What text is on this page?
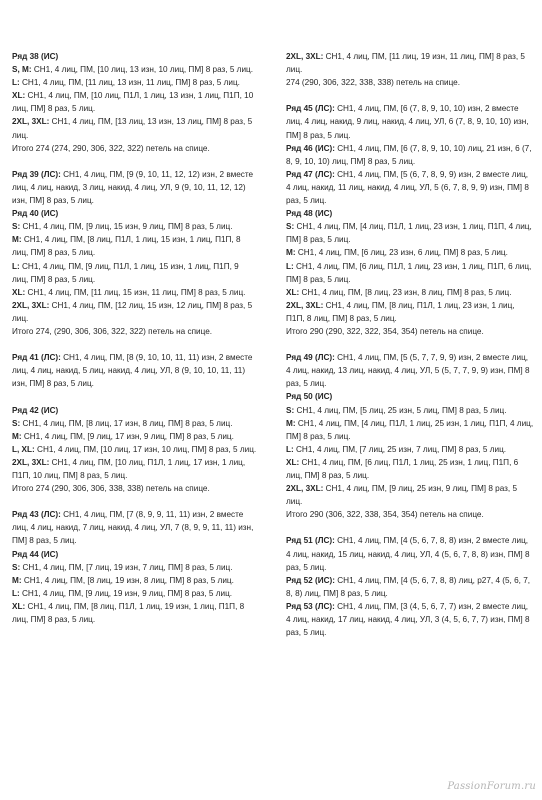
Ряд 38 (ИС)

S, M: СН1, 4 лиц, ПМ, [10 лиц, 13 изн, 10 лиц, ПМ] 8 раз, 5 лиц.

L: СН1, 4 лиц, ПМ, [11 лиц, 13 изн, 11 лиц, ПМ] 8 раз, 5 лиц.

XL: СН1, 4 лиц, ПМ, [10 лиц, П1Л, 1 лиц, 13 изн, 1 лиц, П1П, 10 лиц, ПМ] 8 раз, 5 лиц.

2XL, 3XL: СН1, 4 лиц, ПМ, [13 лиц, 13 изн, 13 лиц, ПМ] 8 раз, 5 лиц.

Итого 274 (274, 290, 306, 322, 322) петель на спице.

Ряд 39 (ЛС): СН1, 4 лиц, ПМ, [9 (9, 10, 11, 12, 12) изн, 2 вместе лиц, 4 лиц, накид, 3 лиц, накид, 4 лиц, УЛ, 9 (9, 10, 11, 12, 12) изн, ПМ] 8 раз, 5 лиц.

Ряд 40 (ИС)

S: СН1, 4 лиц, ПМ, [9 лиц, 15 изн, 9 лиц, ПМ] 8 раз, 5 лиц.

M: СН1, 4 лиц, ПМ, [8 лиц, П1Л, 1 лиц, 15 изн, 1 лиц, П1П, 8 лиц, ПМ] 8 раз, 5 лиц.

L: СН1, 4 лиц, ПМ, [9 лиц, П1Л, 1 лиц, 15 изн, 1 лиц, П1П, 9 лиц, ПМ] 8 раз, 5 лиц.

XL: СН1, 4 лиц, ПМ, [11 лиц, 15 изн, 11 лиц, ПМ] 8 раз, 5 лиц.

2XL, 3XL: СН1, 4 лиц, ПМ, [12 лиц, 15 изн, 12 лиц, ПМ] 8 раз, 5 лиц.

Итого 274, (290, 306, 306, 322, 322) петель на спице.

Ряд 41 (ЛС): СН1, 4 лиц, ПМ, [8 (9, 10, 10, 11, 11) изн, 2 вместе лиц, 4 лиц, накид, 5 лиц, накид, 4 лиц, УЛ, 8 (9, 10, 10, 11, 11) изн, ПМ] 8 раз, 5 лиц.

Ряд 42 (ИС)

S: СН1, 4 лиц, ПМ, [8 лиц, 17 изн, 8 лиц, ПМ] 8 раз, 5 лиц.

M: СН1, 4 лиц, ПМ, [9 лиц, 17 изн, 9 лиц, ПМ] 8 раз, 5 лиц.

L, XL: СН1, 4 лиц, ПМ, [10 лиц, 17 изн, 10 лиц, ПМ] 8 раз, 5 лиц.

2XL, 3XL: СН1, 4 лиц, ПМ, [10 лиц, П1Л, 1 лиц, 17 изн, 1 лиц, П1П, 10 лиц, ПМ] 8 раз, 5 лиц.

Итого 274 (290, 306, 306, 338, 338) петель на спице.

Ряд 43 (ЛС): СН1, 4 лиц, ПМ, [7 (8, 9, 9, 11, 11) изн, 2 вместе лиц, 4 лиц, накид, 7 лиц, накид, 4 лиц, УЛ, 7 (8, 9, 9, 11, 11) изн, ПМ] 8 раз, 5 лиц.

Ряд 44 (ИС)

S: СН1, 4 лиц, ПМ, [7 лиц, 19 изн, 7 лиц, ПМ] 8 раз, 5 лиц.

M: СН1, 4 лиц, ПМ, [8 лиц, 19 изн, 8 лиц, ПМ] 8 раз, 5 лиц.

L: СН1, 4 лиц, ПМ, [9 лиц, 19 изн, 9 лиц, ПМ] 8 раз, 5 лиц.

XL: СН1, 4 лиц, ПМ, [8 лиц, П1Л, 1 лиц, 19 изн, 1 лиц, П1П, 8 лиц, ПМ] 8 раз, 5 лиц.

2XL, 3XL: СН1, 4 лиц, ПМ, [11 лиц, 19 изн, 11 лиц, ПМ] 8 раз, 5 лиц.

274 (290, 306, 322, 338, 338) петель на спице.

Ряд 45 (ЛС): СН1, 4 лиц, ПМ, [6 (7, 8, 9, 10, 10) изн, 2 вместе лиц, 4 лиц, накид, 9 лиц, накид, 4 лиц, УЛ, 6 (7, 8, 9, 10, 10) изн, ПМ] 8 раз, 5 лиц.

Ряд 46 (ИС): СН1, 4 лиц, ПМ, [6 (7, 8, 9, 10, 10) лиц, 21 изн, 6 (7, 8, 9, 10, 10) лиц, ПМ] 8 раз, 5 лиц.

Ряд 47 (ЛС): СН1, 4 лиц, ПМ, [5 (6, 7, 8, 9, 9) изн, 2 вместе лиц, 4 лиц, накид, 11 лиц, накид, 4 лиц, УЛ, 5 (6, 7, 8, 9, 9) изн, ПМ] 8 раз, 5 лиц.

Ряд 48 (ИС)

S: СН1, 4 лиц, ПМ, [4 лиц, П1Л, 1 лиц, 23 изн, 1 лиц, П1П, 4 лиц, ПМ] 8 раз, 5 лиц.

M: СН1, 4 лиц, ПМ, [6 лиц, 23 изн, 6 лиц, ПМ] 8 раз, 5 лиц.

L: СН1, 4 лиц, ПМ, [6 лиц, П1Л, 1 лиц, 23 изн, 1 лиц, П1П, 6 лиц, ПМ] 8 раз, 5 лиц.

XL: СН1, 4 лиц, ПМ, [8 лиц, 23 изн, 8 лиц, ПМ] 8 раз, 5 лиц.

2XL, 3XL: СН1, 4 лиц, ПМ, [8 лиц, П1Л, 1 лиц, 23 изн, 1 лиц, П1П, 8 лиц, ПМ] 8 раз, 5 лиц.

Итого 290 (290, 322, 322, 354, 354) петель на спице.

Ряд 49 (ЛС): СН1, 4 лиц, ПМ, [5 (5, 7, 7, 9, 9) изн, 2 вместе лиц, 4 лиц, накид, 13 лиц, накид, 4 лиц, УЛ, 5 (5, 7, 7, 9, 9) изн, ПМ] 8 раз, 5 лиц.

Ряд 50 (ИС)

S: СН1, 4 лиц, ПМ, [5 лиц, 25 изн, 5 лиц, ПМ] 8 раз, 5 лиц.

M: СН1, 4 лиц, ПМ, [4 лиц, П1Л, 1 лиц, 25 изн, 1 лиц, П1П, 4 лиц, ПМ] 8 раз, 5 лиц.

L: СН1, 4 лиц, ПМ, [7 лиц, 25 изн, 7 лиц, ПМ] 8 раз, 5 лиц.

XL: СН1, 4 лиц, ПМ, [6 лиц, П1Л, 1 лиц, 25 изн, 1 лиц, П1П, 6 лиц, ПМ] 8 раз, 5 лиц.

2XL, 3XL: СН1, 4 лиц, ПМ, [9 лиц, 25 изн, 9 лиц, ПМ] 8 раз, 5 лиц.

Итого 290 (306, 322, 338, 354, 354) петель на спице.

Ряд 51 (ЛС): СН1, 4 лиц, ПМ, [4 (5, 6, 7, 8, 8) изн, 2 вместе лиц, 4 лиц, накид, 15 лиц, накид, 4 лиц, УЛ, 4 (5, 6, 7, 8, 8) изн, ПМ] 8 раз, 5 лиц.

Ряд 52 (ИС): СН1, 4 лиц, ПМ, [4 (5, 6, 7, 8, 8) лиц, р27, 4 (5, 6, 7, 8, 8) лиц, ПМ] 8 раз, 5 лиц.

Ряд 53 (ЛС): СН1, 4 лиц, ПМ, [3 (4, 5, 6, 7, 7) изн, 2 вместе лиц, 4 лиц, накид, 17 лиц, накид, 4 лиц, УЛ, 3 (4, 5, 6, 7, 7) изн, ПМ] 8 раз, 5 лиц.

PassionForum.ru
